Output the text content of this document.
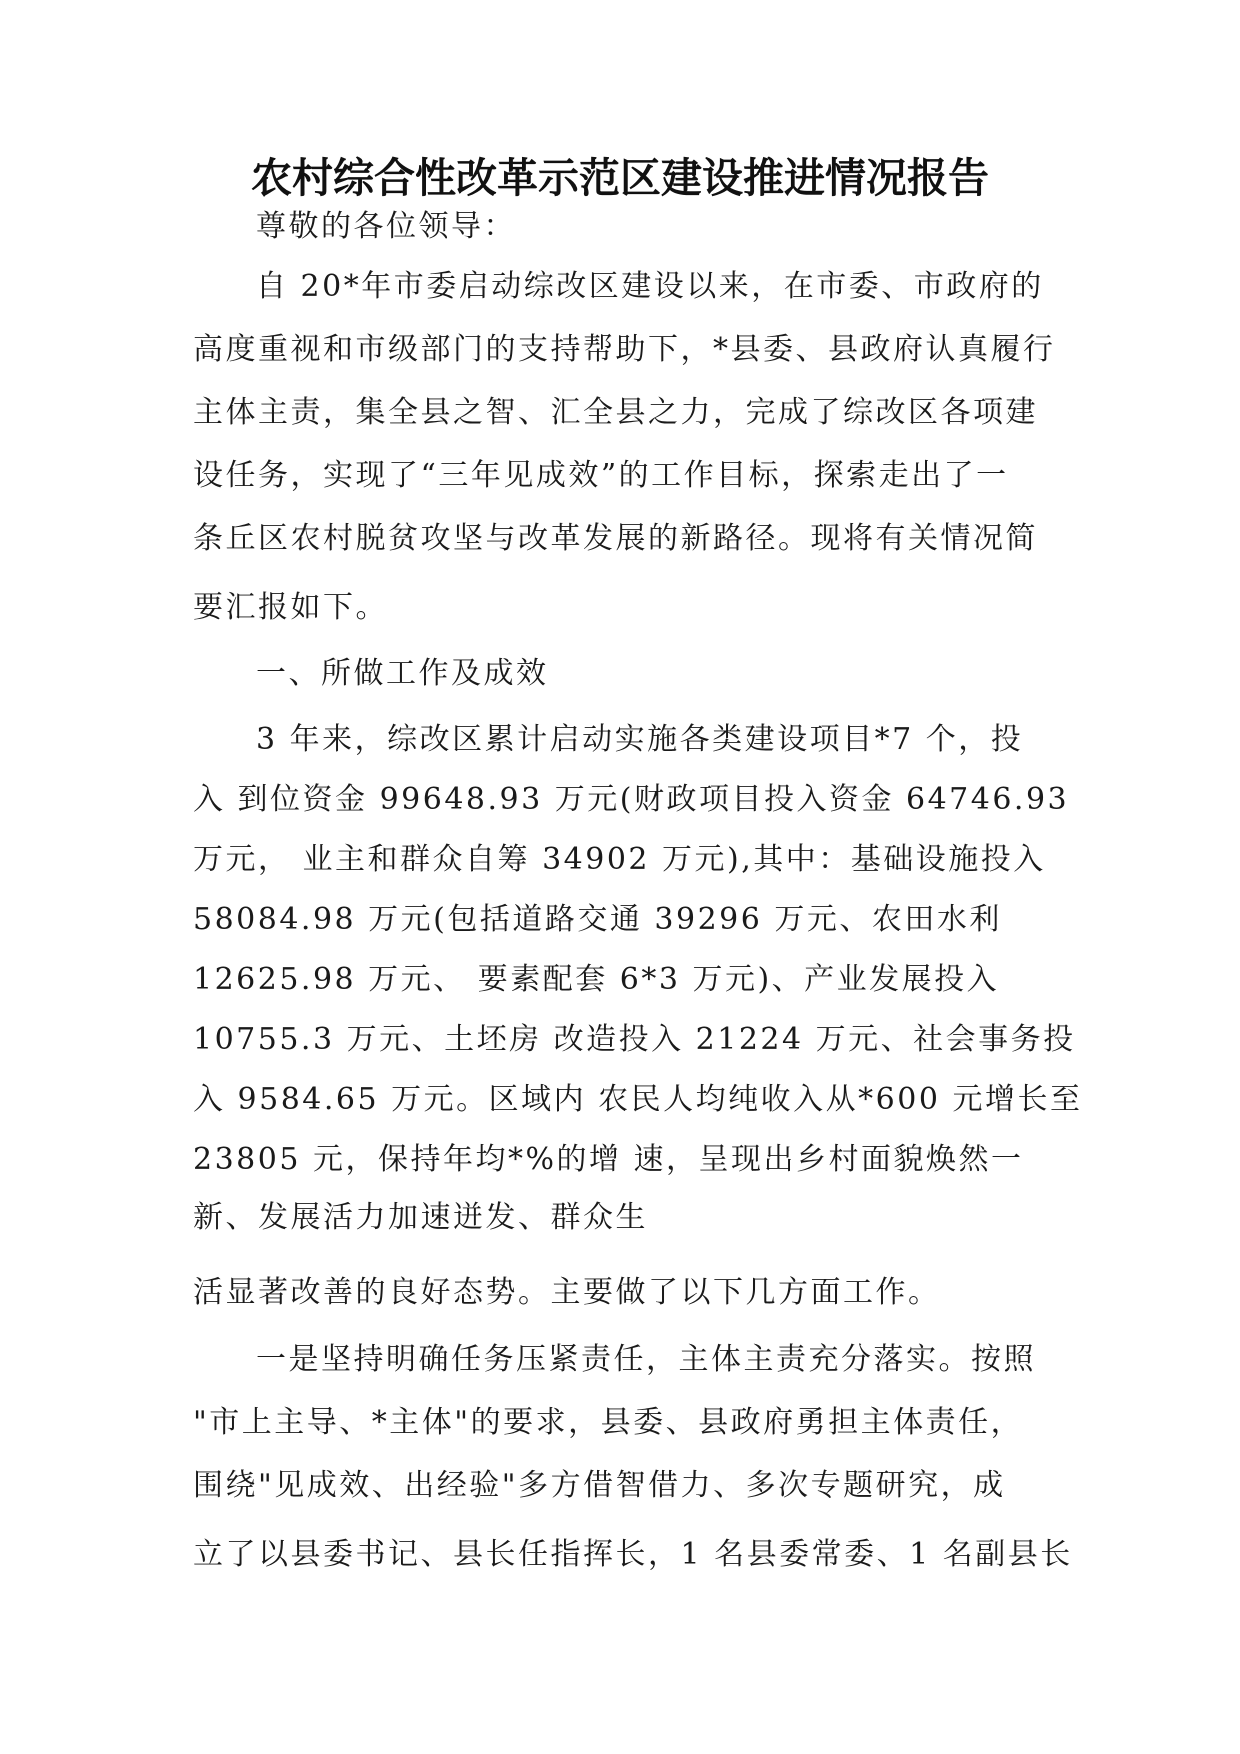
农村综合性改革示范区建设推进情况报告
尊敬的各位领导：
自 20*年市委启动综改区建设以来，在市委、市政府的
高度重视和市级部门的支持帮助下，*县委、县政府认真履行
主体主责，集全县之智、汇全县之力，完成了综改区各项建
设任务，实现了“三年见成效”的工作目标，探索走出了一
条丘区农村脱贫攻坚与改革发展的新路径。现将有关情况简
要汇报如下。
一、所做工作及成效
3 年来，综改区累计启动实施各类建设项目*7 个，投
入 到位资金 99648.93 万元(财政项目投入资金 64746.93
万元， 业主和群众自筹 34902 万元),其中：基础设施投入
58084.98 万元(包括道路交通 39296 万元、农田水利
12625.98 万元、 要素配套 6*3 万元)、产业发展投入
10755.3 万元、土坯房 改造投入 21224 万元、社会事务投
入 9584.65 万元。区域内 农民人均纯收入从*600 元增长至
23805 元，保持年均*%的增 速，呈现出乡村面貌焕然一
新、发展活力加速迸发、群众生
活显著改善的良好态势。主要做了以下几方面工作。
一是坚持明确任务压紧责任，主体主责充分落实。按照
"市上主导、*主体"的要求，县委、县政府勇担主体责任，
围绕"见成效、出经验"多方借智借力、多次专题研究，成
立了以县委书记、县长任指挥长，1 名县委常委、1 名副县长
